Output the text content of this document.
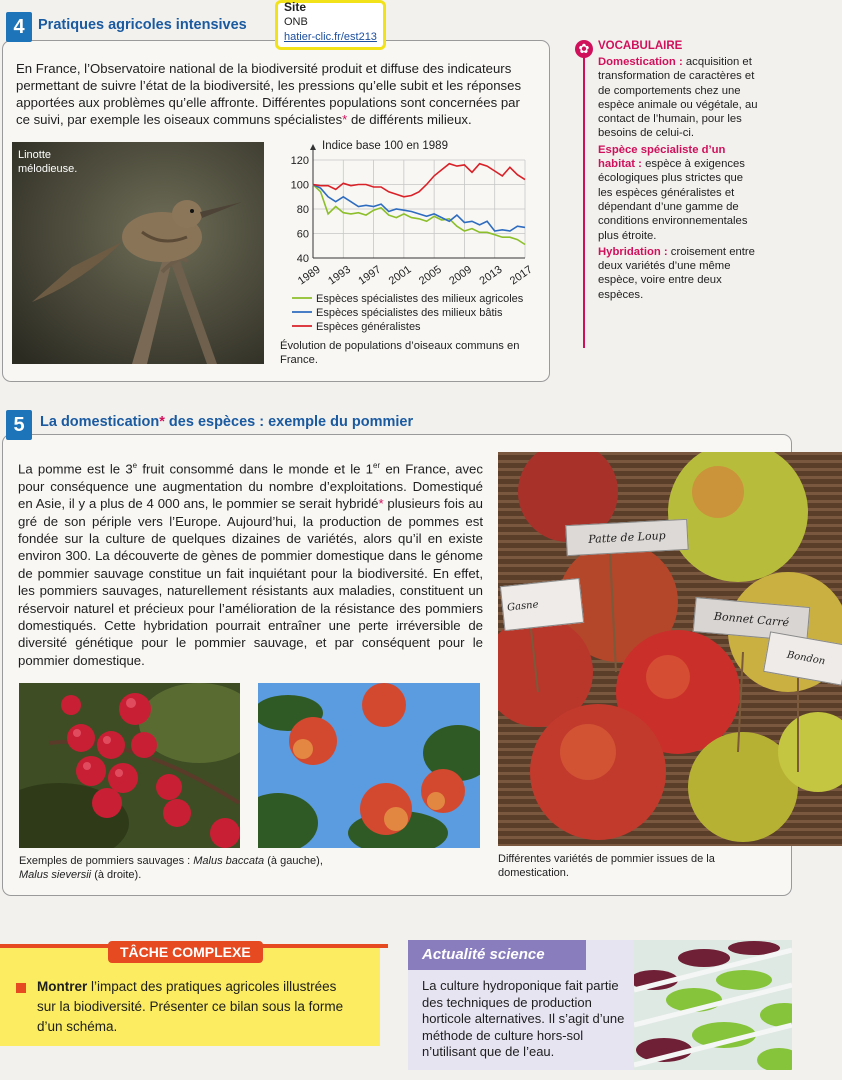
4 Pratiques agricoles intensives
Site
ONB
hatier-clic.fr/est213
En France, l’Observatoire national de la biodiversité produit et diffuse des indicateurs permettant de suivre l’état de la biodiversité, les pressions qu’elle subit et les réponses apportées aux problèmes qu’elle affronte. Différentes populations sont concernées par ce suivi, par exemple les oiseaux communs spécialistes* de différents milieux.
Linotte mélodieuse.
Indice base 100 en 1989
40
60
80
100
120
1989 1993 1997 2001 2005 2009 2013 2017
Espèces spécialistes des milieux agricoles
Espèces spécialistes des milieux bâtis
Espèces généralistes
Évolution de populations d’oiseaux communs en France.
✿ VOCABULAIRE
Domestication : acquisition et transformation de caractères et de comportements chez une espèce animale ou végétale, au contact de l’humain, pour les besoins de celui-ci.
Espèce spécialiste d’un habitat : espèce à exigences écologiques plus strictes que les espèces généralistes et dépendant d’une gamme de conditions environnementales plus étroite.
Hybridation : croisement entre deux variétés d’une même espèce, voire entre deux espèces.
5	La domestication* des espèces : exemple du pommier
La pomme est le 3e fruit consommé dans le monde et le 1er en France, avec pour conséquence une augmentation du nombre d’exploitations. Domestiqué en Asie, il y a plus de 4 000 ans, le pommier se serait hybridé* plusieurs fois au gré de son périple vers l’Europe. Aujourd’hui, la production de pommes est fondée sur la culture de quelques dizaines de variétés, alors qu’il en existe environ 300. La découverte de gènes de pommier domestique dans le génome de pommier sauvage constitue un fait inquiétant pour la biodiversité. En effet, les pommiers sauvages, naturellement résistants aux maladies, constituent un réservoir naturel et précieux pour l’amélioration de la résistance des pommiers domestiqués. Cette hybridation pourrait entraîner une perte irréversible de diversité génétique pour le pommier sauvage, et par conséquent pour le pommier domestique.
Exemples de pommiers sauvages : Malus baccata (à gauche),
Malus sieversii (à droite).
Patte de Loup
Gasne
Bonnet Carré
Bondon
Différentes variétés de pommier issues de la domestication.
TÂCHE COMPLEXE
Montrer l’impact des pratiques agricoles illustrées sur la biodiversité. Présenter ce bilan sous la forme d’un schéma.
Actualité science
La culture hydroponique fait partie des techniques de production horticole alternatives. Il s’agit d’une méthode de culture hors-sol n’utilisant que de l’eau.
